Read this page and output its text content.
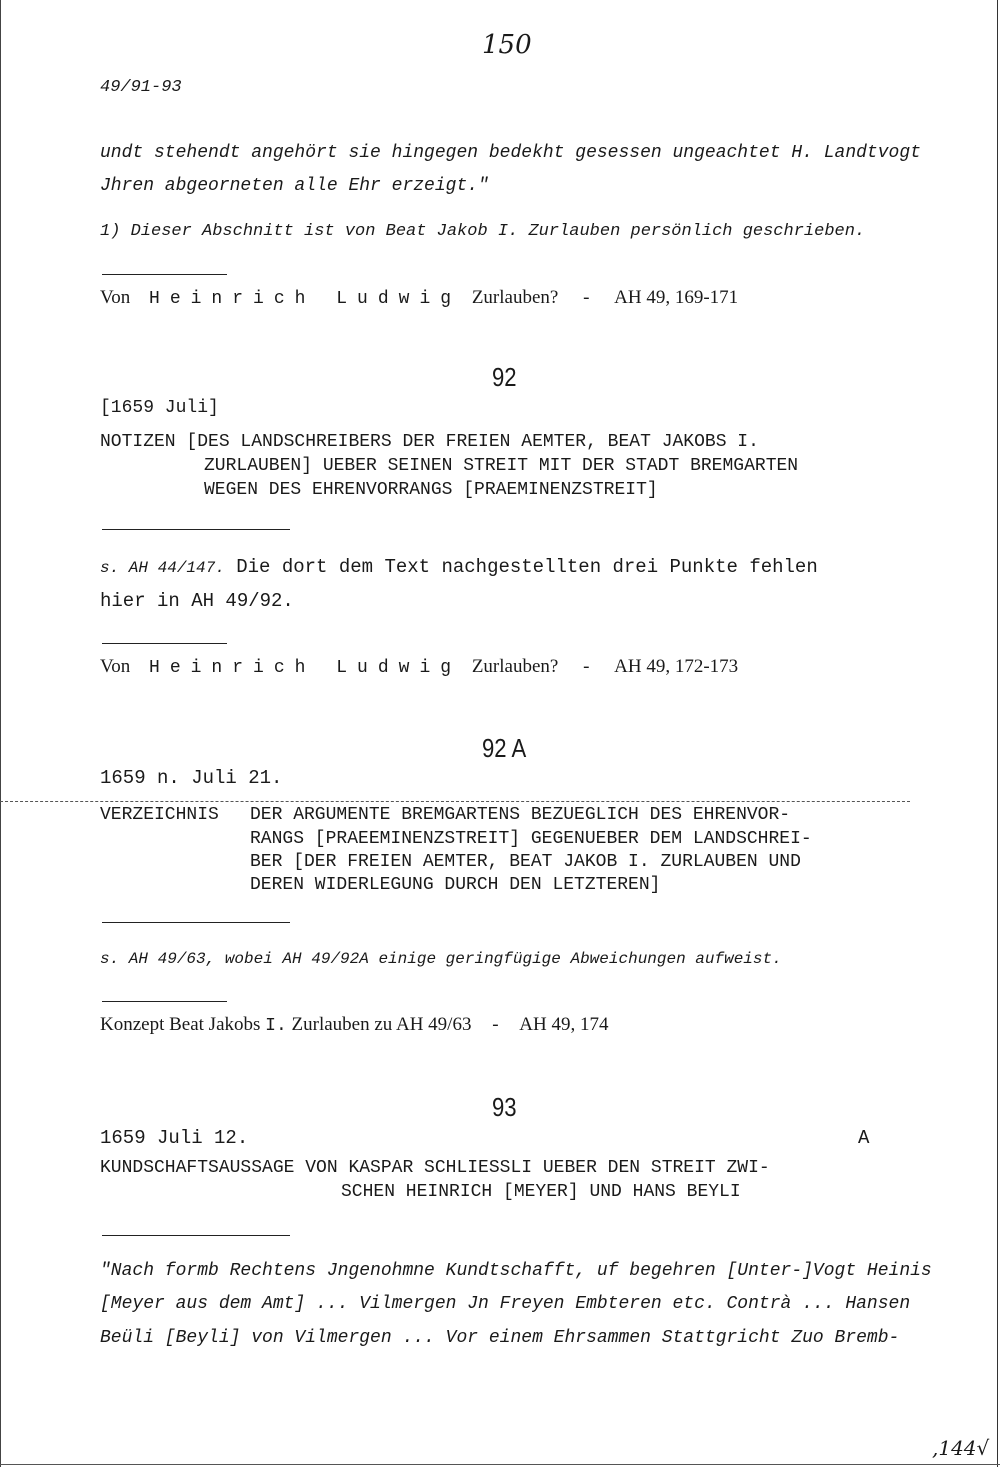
150
49/91-93
undt stehendt angehört sie hingegen bedekht gesessen ungeachtet H. Landtvogt
Jhren abgeorneten alle Ehr erzeigt."
1) Dieser Abschnitt ist von Beat Jakob I. Zurlauben persönlich geschrieben.
Von Heinrich Ludwig Zurlauben? - AH 49, 169-171
92
[1659 Juli]
NOTIZEN [DES LANDSCHREIBERS DER FREIEN AEMTER, BEAT JAKOBS I.
ZURLAUBEN] UEBER SEINEN STREIT MIT DER STADT BREMGARTEN
WEGEN DES EHRENVORRANGS [PRAEMINENZSTREIT]
s. AH 44/147. Die dort dem Text nachgestellten drei Punkte fehlen
hier in AH 49/92.
Von Heinrich Ludwig Zurlauben? - AH 49, 172-173
92 A
1659 n. Juli 21.
VERZEICHNIS DER ARGUMENTE BREMGARTENS BEZUEGLICH DES EHRENVOR-
RANGS [PRAEEMINENZSTREIT] GEGENUEBER DEM LANDSCHREI-
BER [DER FREIEN AEMTER, BEAT JAKOB I. ZURLAUBEN UND
DEREN WIDERLEGUNG DURCH DEN LETZTEREN]
s. AH 49/63, wobei AH 49/92A einige geringfügige Abweichungen aufweist.
Konzept Beat Jakobs I. Zurlauben zu AH 49/63 - AH 49, 174
93
1659 Juli 12.	A
KUNDSCHAFTSAUSSAGE VON KASPAR SCHLIESSLI UEBER DEN STREIT ZWI-
SCHEN HEINRICH [MEYER] UND HANS BEYLI
"Nach formb Rechtens Jngenohmne Kundtschafft, uf begehren [Unter-]Vogt Heinis
[Meyer aus dem Amt] ... Vilmergen Jn Freyen Embteren etc. Contrà ... Hansen
Beüli [Beyli] von Vilmergen ... Vor einem Ehrsammen Stattgricht Zuo Bremb-
,144√
